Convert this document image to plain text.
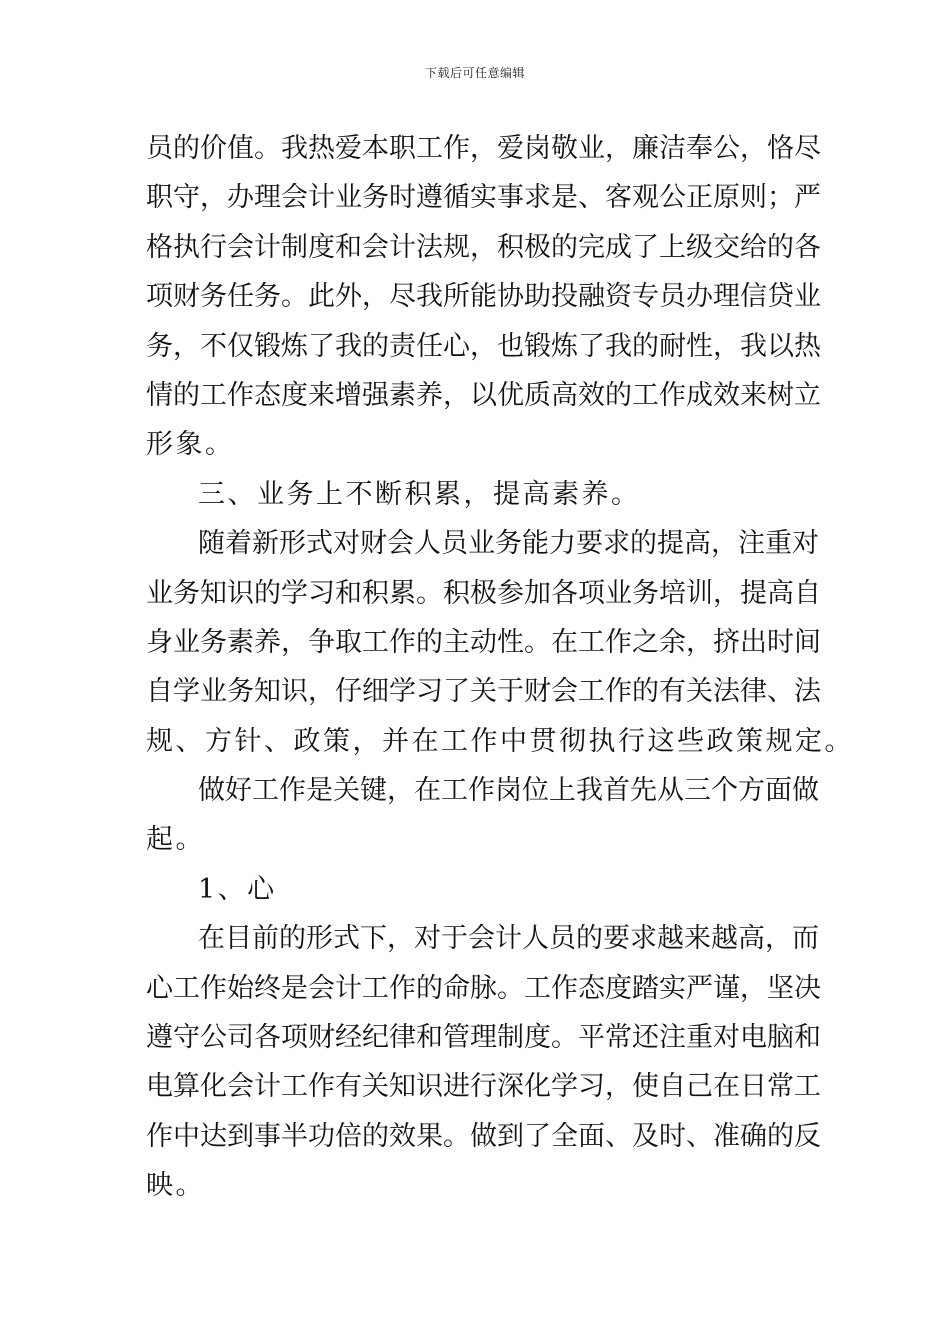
下载后可任意编辑
员的价值。我热爱本职工作，爱岗敬业，廉洁奉公，恪尽
职守，办理会计业务时遵循实事求是、客观公正原则；严
格执行会计制度和会计法规，积极的完成了上级交给的各
项财务任务。此外，尽我所能协助投融资专员办理信贷业
务，不仅锻炼了我的责任心，也锻炼了我的耐性，我以热
情的工作态度来增强素养，以优质高效的工作成效来树立
形象。
三、业务上不断积累，提高素养。
随着新形式对财会人员业务能力要求的提高，注重对
业务知识的学习和积累。积极参加各项业务培训，提高自
身业务素养，争取工作的主动性。在工作之余，挤出时间
自学业务知识，仔细学习了关于财会工作的有关法律、法
规、方针、政策，并在工作中贯彻执行这些政策规定。
做好工作是关键，在工作岗位上我首先从三个方面做
起。
1、心
在目前的形式下，对于会计人员的要求越来越高，而
心工作始终是会计工作的命脉。工作态度踏实严谨，坚决
遵守公司各项财经纪律和管理制度。平常还注重对电脑和
电算化会计工作有关知识进行深化学习，使自己在日常工
作中达到事半功倍的效果。做到了全面、及时、准确的反
映。
